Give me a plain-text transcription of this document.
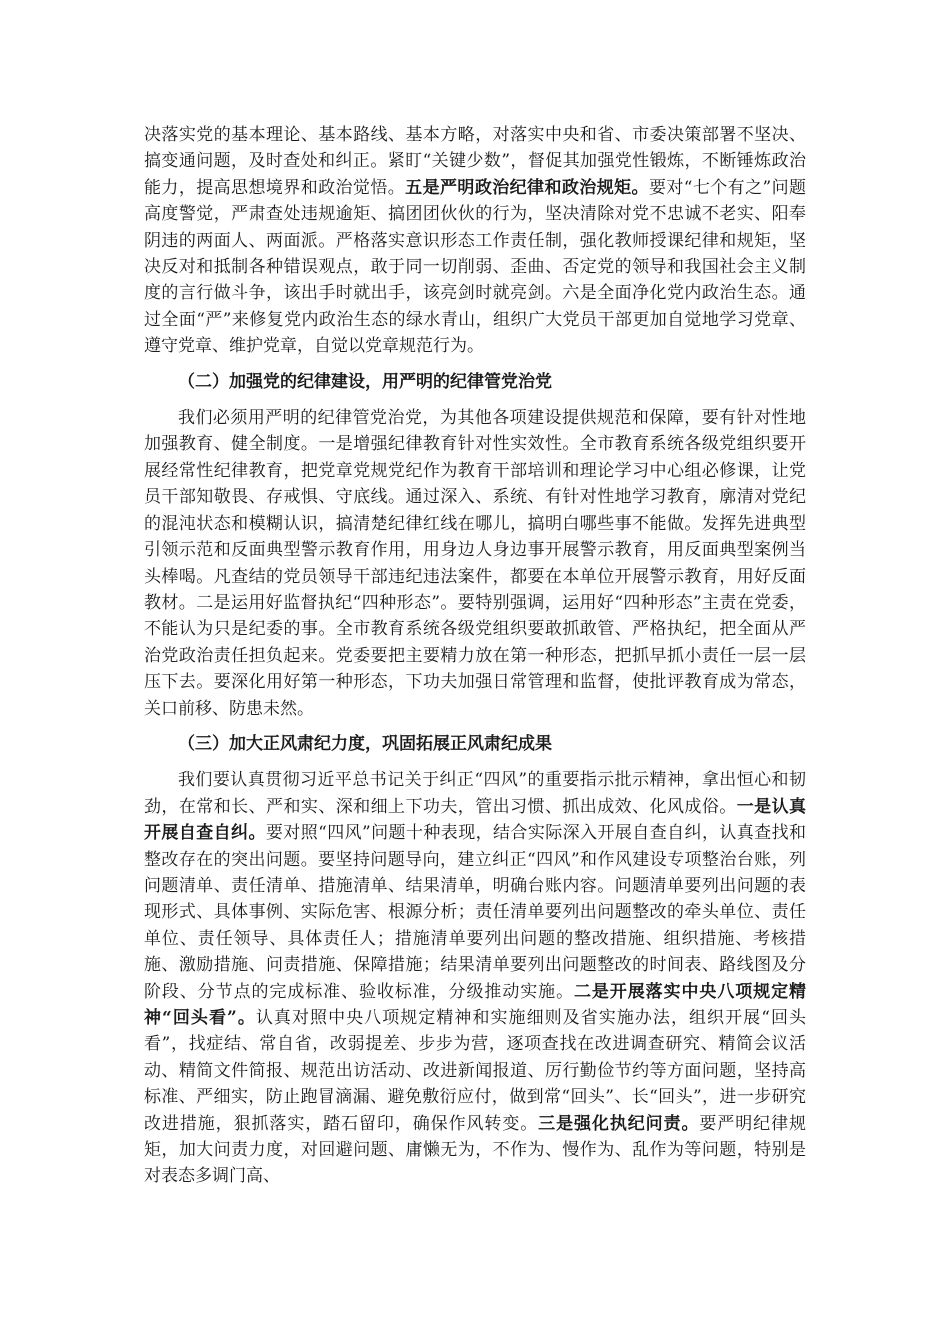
决落实党的基本理论、基本路线、基本方略，对落实中央和省、市委决策部署不坚决、搞变通问题，及时查处和纠正。紧盯“关键少数”，督促其加强党性锻炼，不断锤炼政治能力，提高思想境界和政治觉悟。五是严明政治纪律和政治规矩。要对“七个有之”问题高度警觉，严肃查处违规逾矩、搞团团伙伙的行为，坚决清除对党不忠诚不老实、阳奉阴违的两面人、两面派。严格落实意识形态工作责任制，强化教师授课纪律和规矩，坚决反对和抵制各种错误观点，敢于同一切削弱、歪曲、否定党的领导和我国社会主义制度的言行做斗争，该出手时就出手，该亮剑时就亮剑。六是全面净化党内政治生态。通过全面“严”来修复党内政治生态的绿水青山，组织广大党员干部更加自觉地学习党章、遵守党章、维护党章，自觉以党章规范行为。

（二）加强党的纪律建设，用严明的纪律管党治党

我们必须用严明的纪律管党治党，为其他各项建设提供规范和保障，要有针对性地加强教育、健全制度。一是增强纪律教育针对性实效性。全市教育系统各级党组织要开展经常性纪律教育，把党章党规党纪作为教育干部培训和理论学习中心组必修课，让党员干部知敬畏、存戒惧、守底线。通过深入、系统、有针对性地学习教育，廓清对党纪的混沌状态和模糊认识，搞清楚纪律红线在哪儿，搞明白哪些事不能做。发挥先进典型引领示范和反面典型警示教育作用，用身边人身边事开展警示教育，用反面典型案例当头棒喝。凡查结的党员领导干部违纪违法案件，都要在本单位开展警示教育，用好反面教材。二是运用好监督执纪“四种形态”。要特别强调，运用好“四种形态”主责在党委，不能认为只是纪委的事。全市教育系统各级党组织要敢抓敢管、严格执纪，把全面从严治党政治责任担负起来。党委要把主要精力放在第一种形态，把抓早抓小责任一层一层压下去。要深化用好第一种形态，下功夫加强日常管理和监督，使批评教育成为常态，关口前移、防患未然。

（三）加大正风肃纪力度，巩固拓展正风肃纪成果

我们要认真贯彻习近平总书记关于纠正“四风”的重要指示批示精神，拿出恒心和韧劲，在常和长、严和实、深和细上下功夫，管出习惯、抓出成效、化风成俗。一是认真开展自查自纠。要对照“四风”问题十种表现，结合实际深入开展自查自纠，认真查找和整改存在的突出问题。要坚持问题导向，建立纠正“四风”和作风建设专项整治台账，列问题清单、责任清单、措施清单、结果清单，明确台账内容。问题清单要列出问题的表现形式、具体事例、实际危害、根源分析；责任清单要列出问题整改的牵头单位、责任单位、责任领导、具体责任人；措施清单要列出问题的整改措施、组织措施、考核措施、激励措施、问责措施、保障措施；结果清单要列出问题整改的时间表、路线图及分阶段、分节点的完成标准、验收标准，分级推动实施。二是开展落实中央八项规定精神“回头看”。认真对照中央八项规定精神和实施细则及省实施办法，组织开展“回头看”，找症结、常自省，改弱提差、步步为营，逐项查找在改进调查研究、精简会议活动、精简文件简报、规范出访活动、改进新闻报道、厉行勤俭节约等方面问题，坚持高标准、严细实，防止跑冒滴漏、避免敷衍应付，做到常“回头”、长“回头”，进一步研究改进措施，狠抓落实，踏石留印，确保作风转变。三是强化执纪问责。要严明纪律规矩，加大问责力度，对回避问题、庸懒无为，不作为、慢作为、乱作为等问题，特别是对表态多调门高、
